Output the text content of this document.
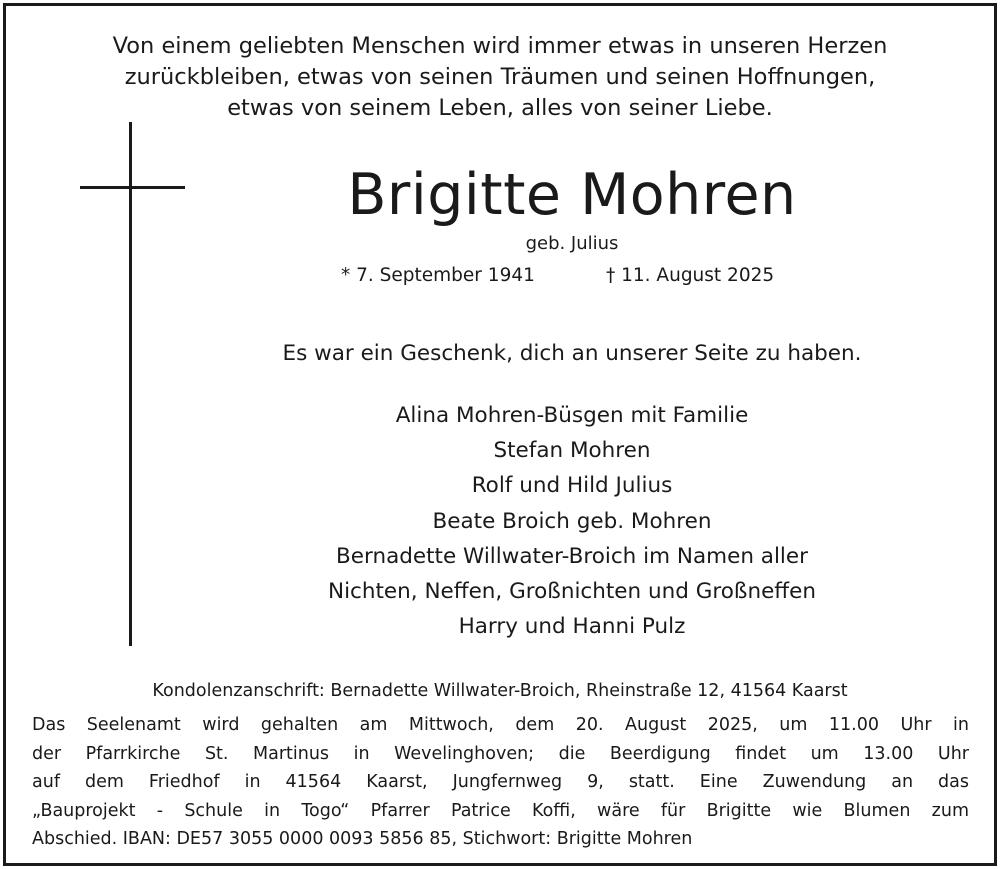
Von einem geliebten Menschen wird immer etwas in unseren Herzen
zurückbleiben, etwas von seinen Träumen und seinen Hoffnungen,
etwas von seinem Leben, alles von seiner Liebe.
Brigitte Mohren
geb. Julius
* 7. September 1941	† 11. August 2025
Es war ein Geschenk, dich an unserer Seite zu haben.
Alina Mohren-Büsgen mit Familie
Stefan Mohren
Rolf und Hild Julius
Beate Broich geb. Mohren
Bernadette Willwater-Broich im Namen aller
Nichten, Neffen, Großnichten und Großneffen
Harry und Hanni Pulz
Kondolenzanschrift: Bernadette Willwater-Broich, Rheinstraße 12, 41564 Kaarst
Das Seelenamt wird gehalten am Mittwoch, dem 20. August 2025, um 11.00 Uhr in
der Pfarrkirche St. Martinus in Wevelinghoven; die Beerdigung findet um 13.00 Uhr
auf dem Friedhof in 41564 Kaarst, Jungfernweg 9, statt. Eine Zuwendung an das
„Bauprojekt - Schule in Togo“ Pfarrer Patrice Koffi, wäre für Brigitte wie Blumen zum
Abschied. IBAN: DE57 3055 0000 0093 5856 85, Stichwort: Brigitte Mohren
